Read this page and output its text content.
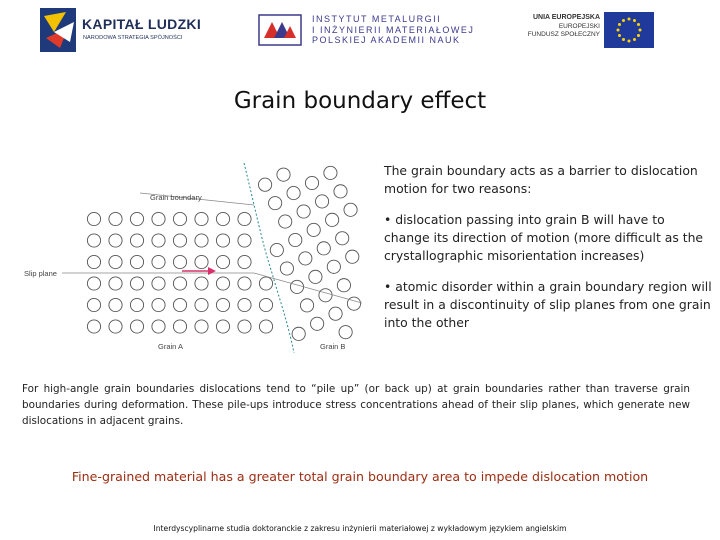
KAPITAŁ LUDZKI
NARODOWA STRATEGIA SPÓJNOŚCI
INSTYTUT METALURGII
I INŻYNIERII MATERIAŁOWEJ
POLSKIEJ AKADEMII NAUK
UNIA EUROPEJSKA
EUROPEJSKI
FUNDUSZ SPOŁECZNY
Grain boundary effect
Grain boundary
Slip plane
Grain A	Grain B

The grain boundary acts as a barrier to dislocation motion for two reasons:

• dislocation passing into grain B will have to change its direction of motion (more difficult as the crystallographic misorientation increases)

• atomic disorder within a grain boundary region will result in a discontinuity of slip planes from one grain into the other

For high-angle grain boundaries dislocations tend to “pile up” (or back up) at grain boundaries rather than traverse grain boundaries during deformation. These pile-ups introduce stress concentrations ahead of their slip planes, which generate new dislocations in adjacent grains.
Fine-grained material has a greater total grain boundary area to impede dislocation motion
Interdyscyplinarne studia doktoranckie z zakresu inżynierii materiałowej z wykładowym językiem angielskim
